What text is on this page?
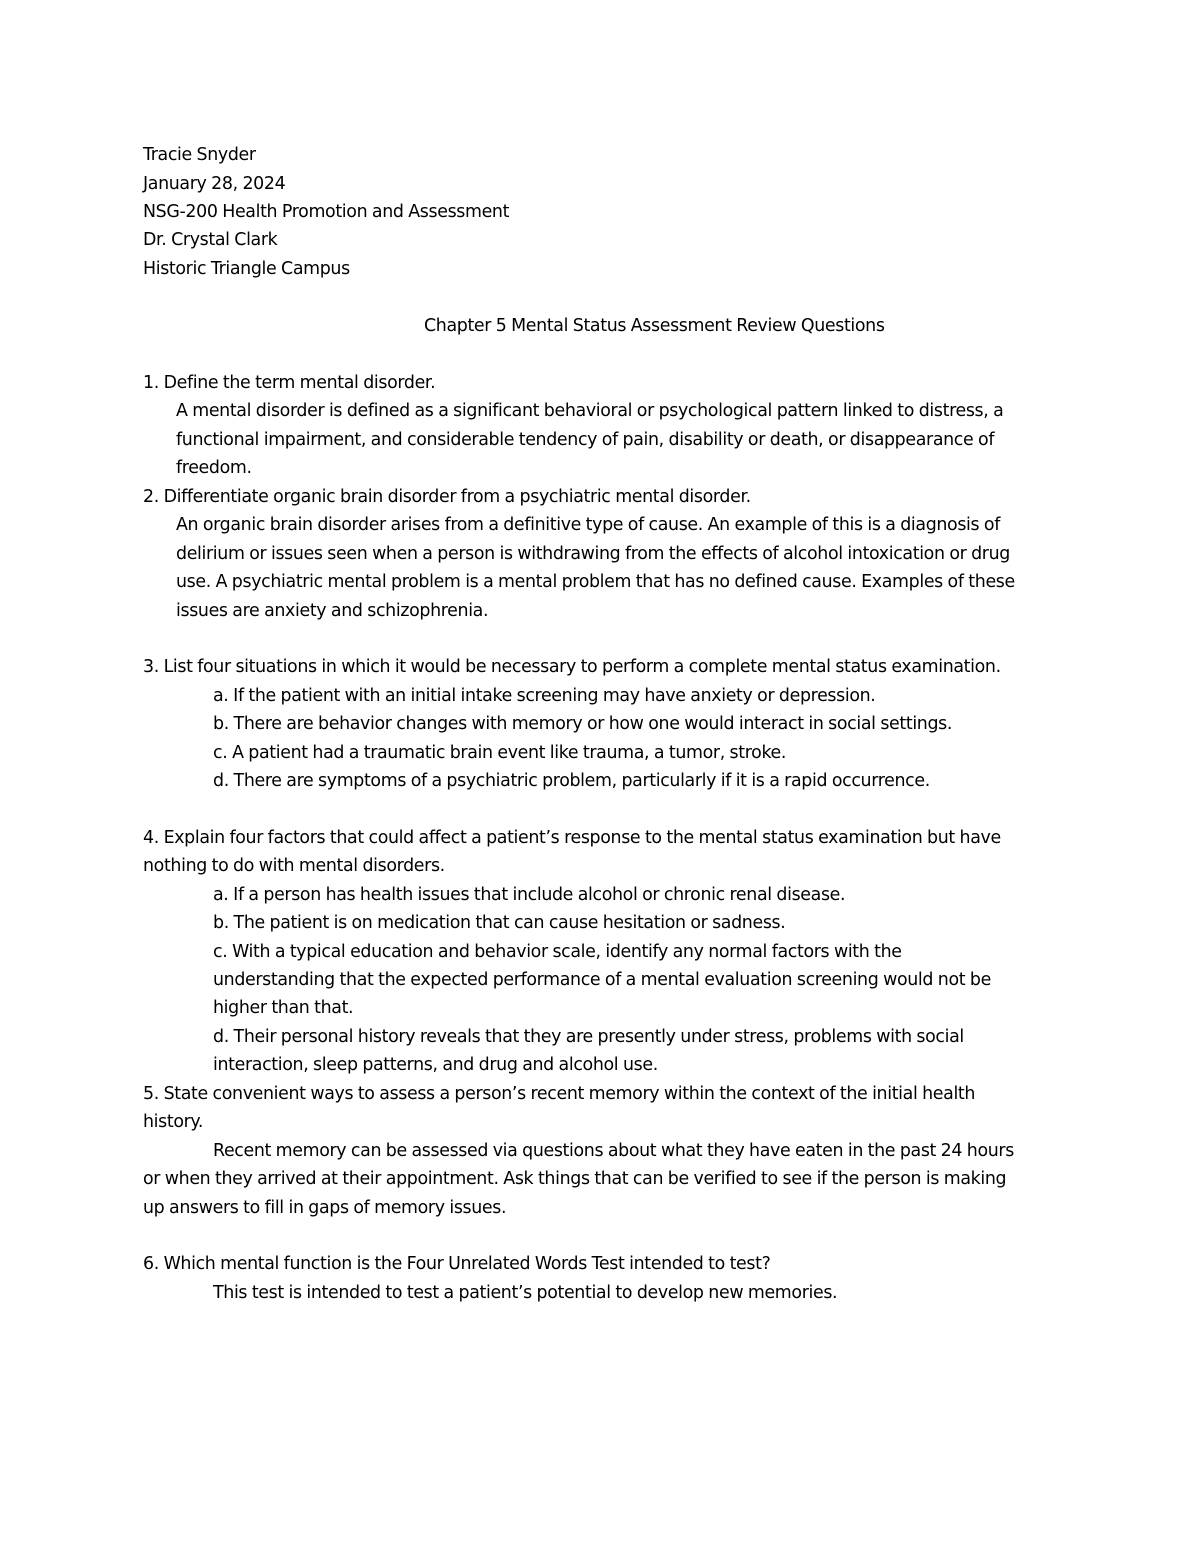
Tracie Snyder
January 28, 2024
NSG-200 Health Promotion and Assessment
Dr. Crystal Clark
Historic Triangle Campus
Chapter 5 Mental Status Assessment Review Questions
1. Define the term mental disorder.
A mental disorder is defined as a significant behavioral or psychological pattern linked to distress, a
functional impairment, and considerable tendency of pain, disability or death, or disappearance of
freedom.
2. Differentiate organic brain disorder from a psychiatric mental disorder.
An organic brain disorder arises from a definitive type of cause. An example of this is a diagnosis of
delirium or issues seen when a person is withdrawing from the effects of alcohol intoxication or drug
use. A psychiatric mental problem is a mental problem that has no defined cause. Examples of these
issues are anxiety and schizophrenia.
3. List four situations in which it would be necessary to perform a complete mental status examination.
a. If the patient with an initial intake screening may have anxiety or depression.
b. There are behavior changes with memory or how one would interact in social settings.
c. A patient had a traumatic brain event like trauma, a tumor, stroke.
d. There are symptoms of a psychiatric problem, particularly if it is a rapid occurrence.
4. Explain four factors that could affect a patient’s response to the mental status examination but have
nothing to do with mental disorders.
a. If a person has health issues that include alcohol or chronic renal disease.
b. The patient is on medication that can cause hesitation or sadness.
c. With a typical education and behavior scale, identify any normal factors with the
understanding that the expected performance of a mental evaluation screening would not be
higher than that.
d. Their personal history reveals that they are presently under stress, problems with social
interaction, sleep patterns, and drug and alcohol use.
5. State convenient ways to assess a person’s recent memory within the context of the initial health
history.
Recent memory can be assessed via questions about what they have eaten in the past 24 hours
or when they arrived at their appointment. Ask things that can be verified to see if the person is making
up answers to fill in gaps of memory issues.
6. Which mental function is the Four Unrelated Words Test intended to test?
This test is intended to test a patient’s potential to develop new memories.
